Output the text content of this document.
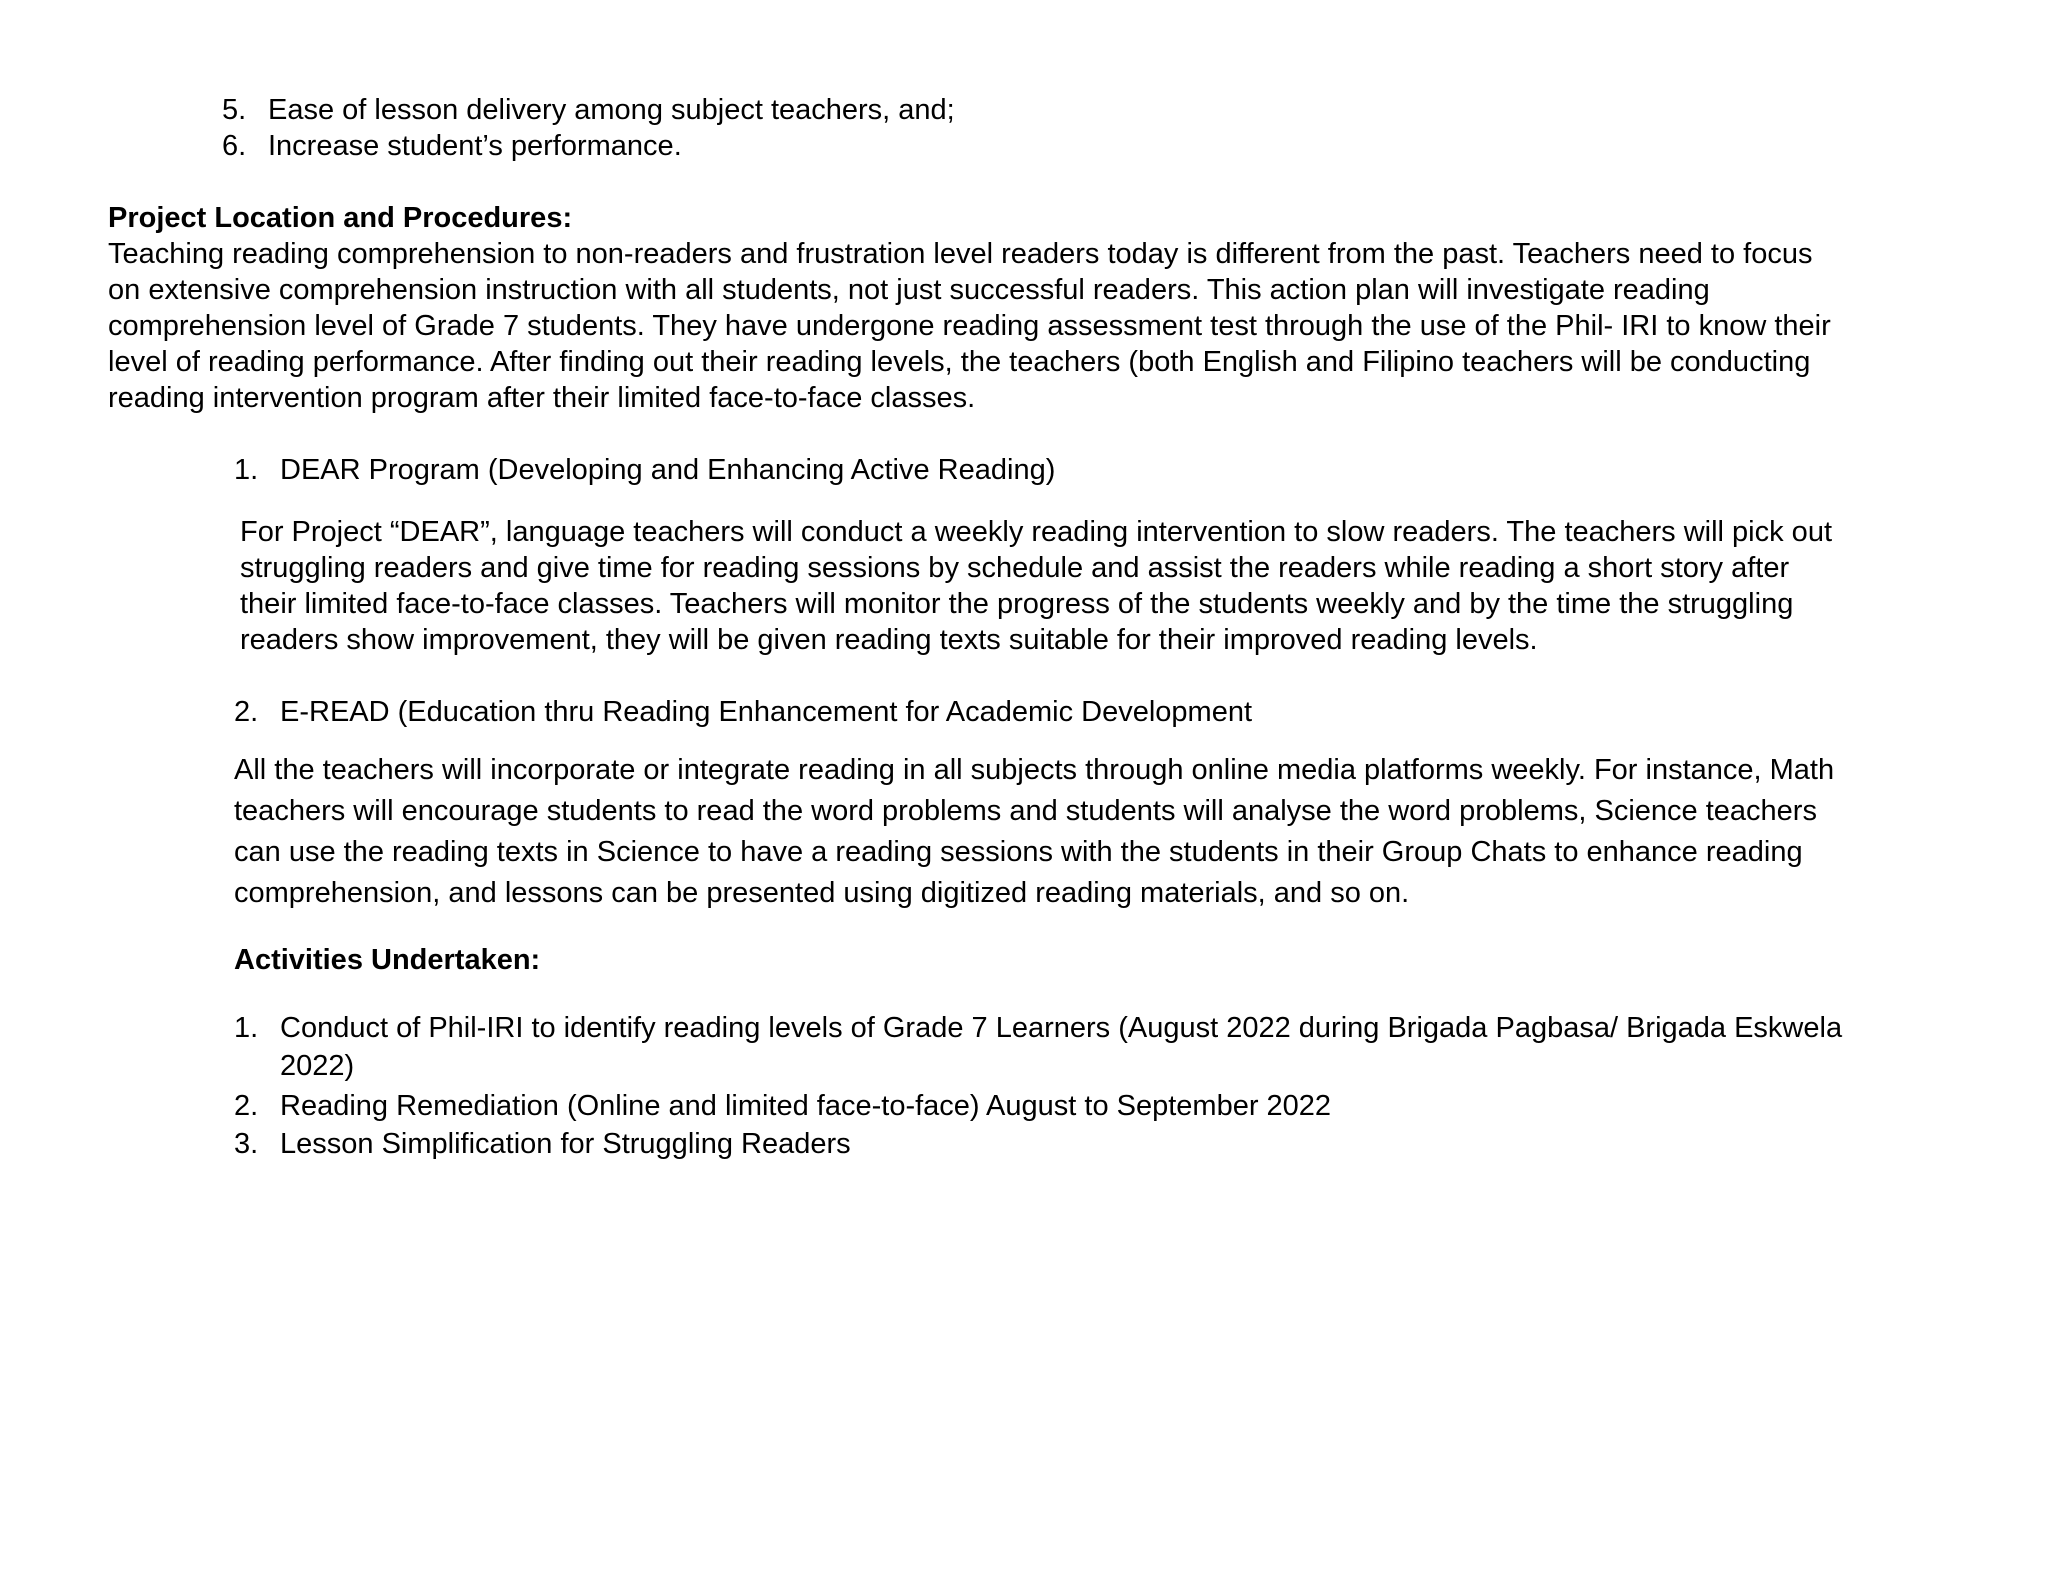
5. Ease of lesson delivery among subject teachers, and;
6. Increase student’s performance.
Project Location and Procedures:
Teaching reading comprehension to non-readers and frustration level readers today is different from the past. Teachers need to focus
on extensive comprehension instruction with all students, not just successful readers. This action plan will investigate reading
comprehension level of Grade 7 students. They have undergone reading assessment test through the use of the Phil- IRI to know their
level of reading performance. After finding out their reading levels, the teachers (both English and Filipino teachers will be conducting
reading intervention program after their limited face-to-face classes.
1. DEAR Program (Developing and Enhancing Active Reading)
For Project “DEAR”, language teachers will conduct a weekly reading intervention to slow readers. The teachers will pick out
struggling readers and give time for reading sessions by schedule and assist the readers while reading a short story after
their limited face-to-face classes. Teachers will monitor the progress of the students weekly and by the time the struggling
readers show improvement, they will be given reading texts suitable for their improved reading levels.
2. E-READ (Education thru Reading Enhancement for Academic Development
All the teachers will incorporate or integrate reading in all subjects through online media platforms weekly. For instance, Math
teachers will encourage students to read the word problems and students will analyse the word problems, Science teachers
can use the reading texts in Science to have a reading sessions with the students in their Group Chats to enhance reading
comprehension, and lessons can be presented using digitized reading materials, and so on.
Activities Undertaken:
1. Conduct of Phil-IRI to identify reading levels of Grade 7 Learners (August 2022 during Brigada Pagbasa/ Brigada Eskwela
2022)
2. Reading Remediation (Online and limited face-to-face) August to September 2022
3. Lesson Simplification for Struggling Readers
